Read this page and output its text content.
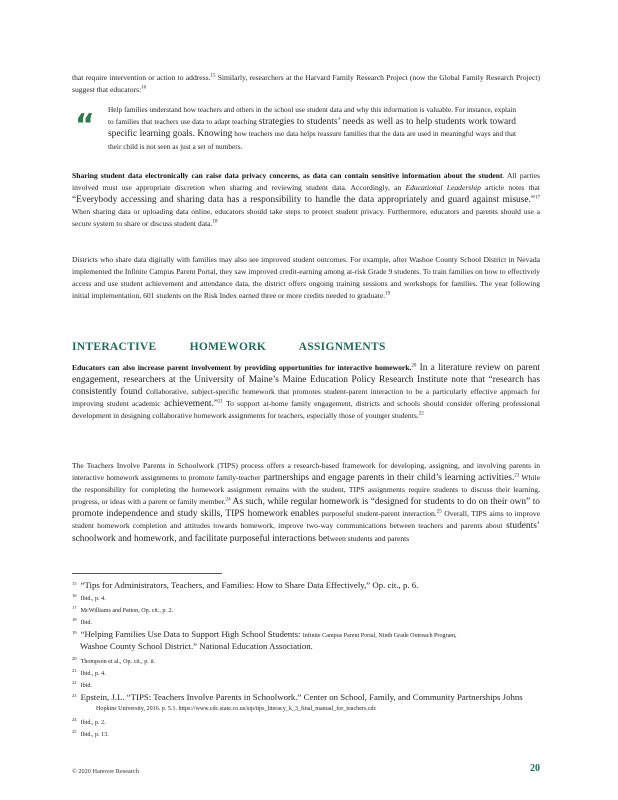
that require intervention or action to address.$^{15}$ Similarly, researchers at the Harvard Family Research Project (now the Global Family Research Project) suggest that educators:$^{16}$
“ Help families understand how teachers and others in the school use student data and why this information is valuable. For instance, explain to families that teachers use data to adapt teaching strategies to students’ needs as well as to help students work toward specific learning goals. Knowing how teachers use data helps reassure families that the data are used in meaningful ways and that their child is not seen as just a set of numbers.
Sharing student data electronically can raise data privacy concerns, as data can contain sensitive information about the student. All parties involved must use appropriate discretion when sharing and reviewing student data. Accordingly, an Educational Leadership article notes that “Everybody accessing and sharing data has a responsibility to handle the data appropriately and guard against misuse.”$^{17}$ When sharing data or uploading data online, educators should take steps to protect student privacy. Furthermore, educators and parents should use a secure system to share or discuss student data.$^{18}$
Districts who share data digitally with families may also see improved student outcomes. For example, after Washoe County School District in Nevada implemented the Infinite Campus Parent Portal, they saw improved credit-earning among at-risk Grade 9 students. To train families on how to effectively access and use student achievement and attendance data, the district offers ongoing training sessions and workshops for families. The year following initial implementation, 601 students on the Risk Index earned three or more credits needed to graduate.$^{19}$
INTERACTIVE HOMEWORK ASSIGNMENTS
Educators can also increase parent involvement by providing opportunities for interactive homework.$^{20}$ In a literature review on parent engagement, researchers at the University of Maine’s Maine Education Policy Research Institute note that “research has consistently found collaborative, subject-specific homework that promotes student-parent interaction to be a particularly effective approach for improving student academic achievement.”$^{21}$ To support at-home family engagement, districts and schools should consider offering professional development in designing collaborative homework assignments for teachers, especially those of younger students.$^{22}$
The Teachers Involve Parents in Schoolwork (TIPS) process offers a research-based framework for developing, assigning, and involving parents in interactive homework assignments to promote family-teacher partnerships and engage parents in their child’s learning activities.$^{23}$ While the responsibility for completing the homework assignment remains with the student, TIPS assignments require students to discuss their learning, progress, or ideas with a parent or family member.$^{24}$ As such, while regular homework is “designed for students to do on their own” to promote independence and study skills, TIPS homework enables purposeful student-parent interaction.$^{25}$ Overall, TIPS aims to improve student homework completion and attitudes towards homework, improve two-way communications between teachers and parents about students’ schoolwork and homework, and facilitate purposeful interactions between students and parents
$^{15}$ “Tips for Administrators, Teachers, and Families: How to Share Data Effectively,” Op. cit., p. 6.
$^{16}$Ibid., p. 4.
$^{17}$McWilliams and Patton, Op. cit., p. 2.
$^{18}$Ibid.
$^{19}$ “Helping Families Use Data to Support High School Students: Infinite Campus Parent Portal, Ninth Grade Outreach Program,
Washoe County School District.” National Education Association.
$^{20}$Thompson et al., Op. cit., p. ii.
$^{21}$Ibid., p. 4.
$^{22}$Ibid.
$^{23}$ Epstein, J.L. “TIPS: Teachers Involve Parents in Schoolwork.” Center on School, Family, and Community Partnerships Johns
Hopkins University, 2016. p. 5.1. https://www.cdc.state.co.us/sip/tips_literacy_k_3_final_manual_for_teachers.cdc
$^{24}$Ibid., p. 2.
$^{25}$Ibid., p. 13.
© 2020 Hanover Research	20
